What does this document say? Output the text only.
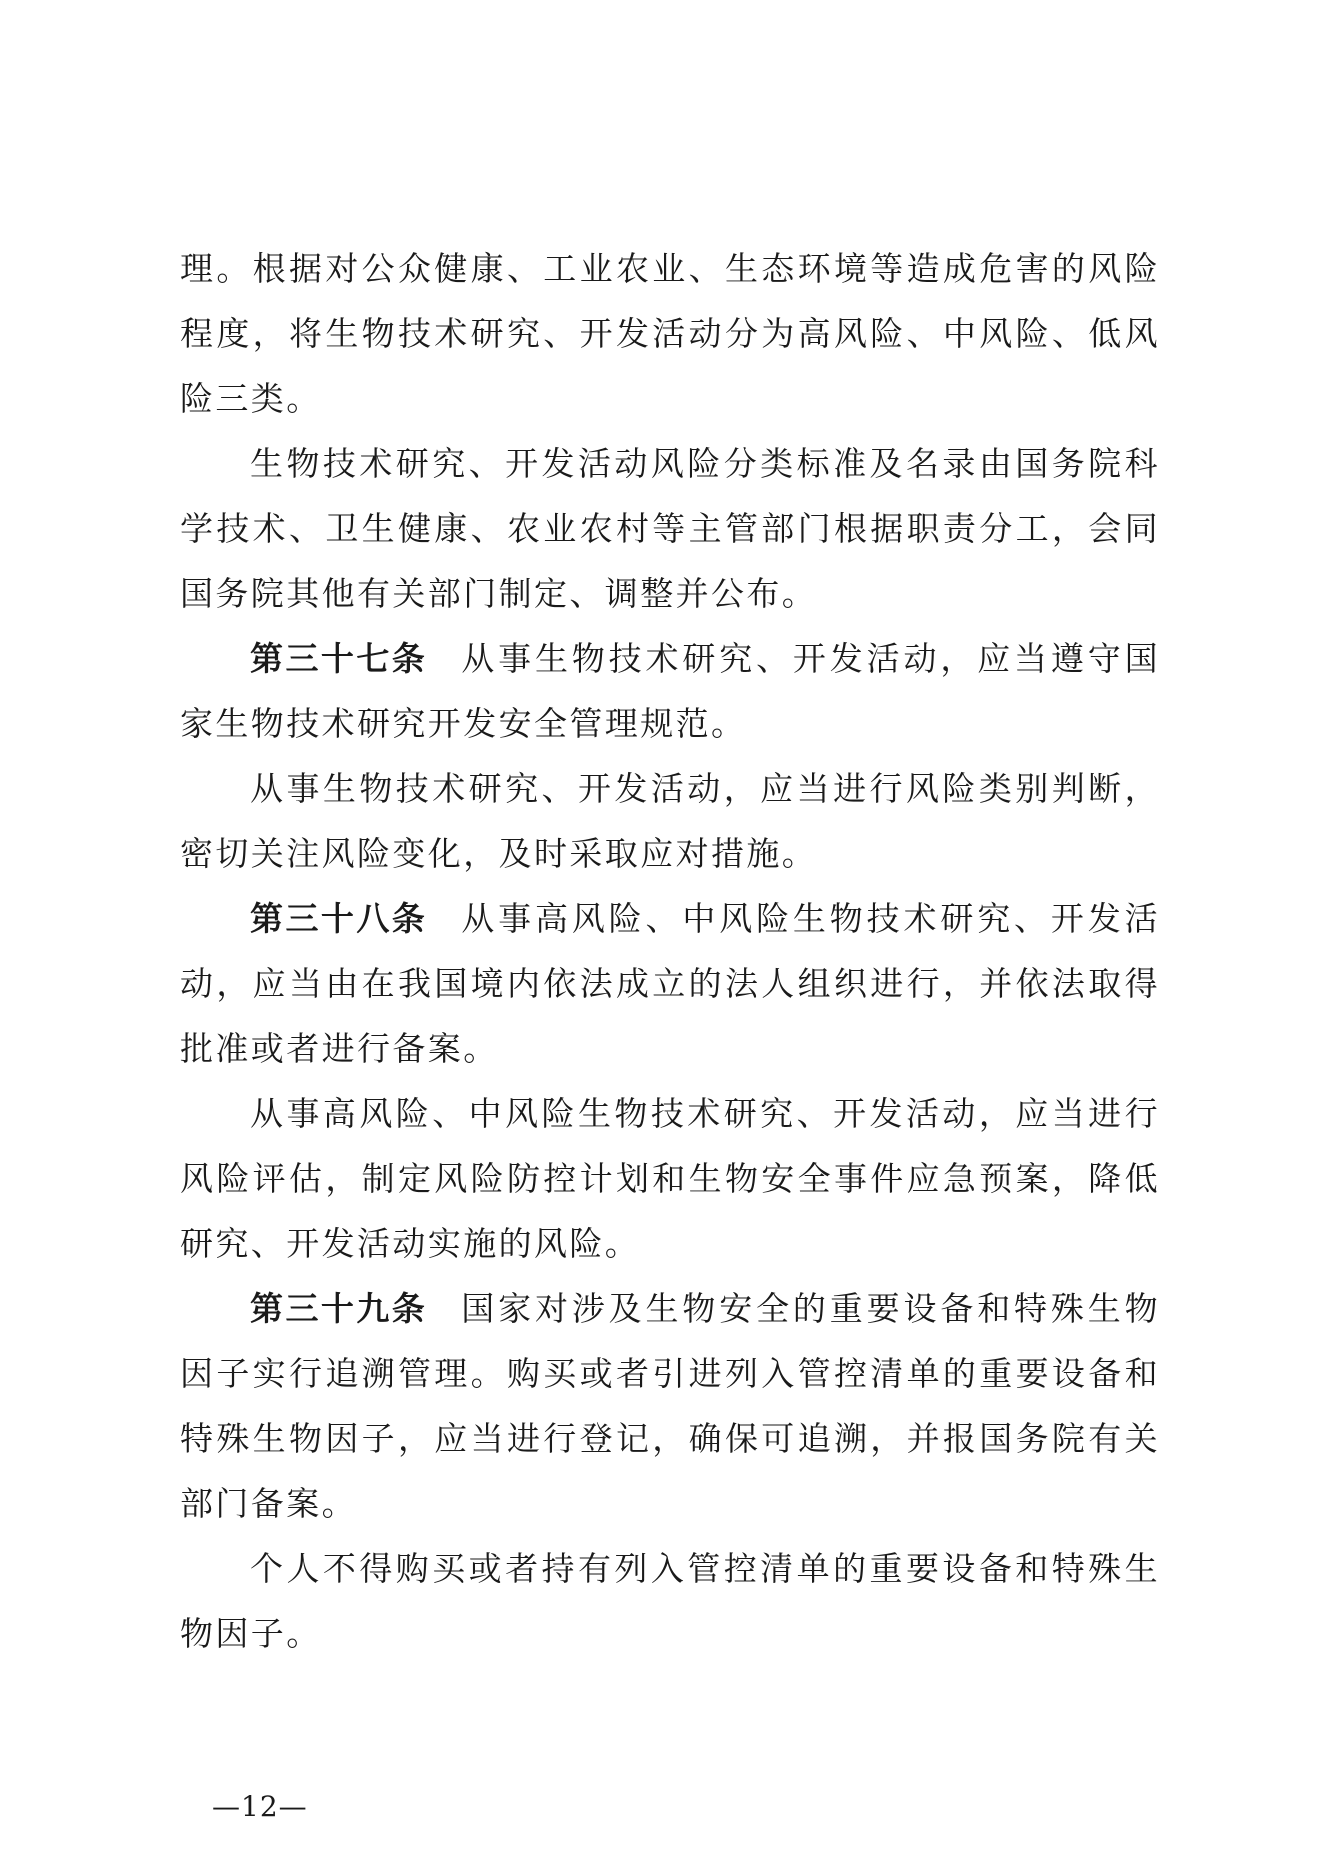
理。根据对公众健康、工业农业、生态环境等造成危害的风险程度，将生物技术研究、开发活动分为高风险、中风险、低风险三类。

生物技术研究、开发活动风险分类标准及名录由国务院科学技术、卫生健康、农业农村等主管部门根据职责分工，会同国务院其他有关部门制定、调整并公布。

第三十七条 从事生物技术研究、开发活动，应当遵守国家生物技术研究开发安全管理规范。

从事生物技术研究、开发活动，应当进行风险类别判断，密切关注风险变化，及时采取应对措施。

第三十八条 从事高风险、中风险生物技术研究、开发活动，应当由在我国境内依法成立的法人组织进行，并依法取得批准或者进行备案。

从事高风险、中风险生物技术研究、开发活动，应当进行风险评估，制定风险防控计划和生物安全事件应急预案，降低研究、开发活动实施的风险。

第三十九条 国家对涉及生物安全的重要设备和特殊生物因子实行追溯管理。购买或者引进列入管控清单的重要设备和特殊生物因子，应当进行登记，确保可追溯，并报国务院有关部门备案。

个人不得购买或者持有列入管控清单的重要设备和特殊生物因子。

—12—
